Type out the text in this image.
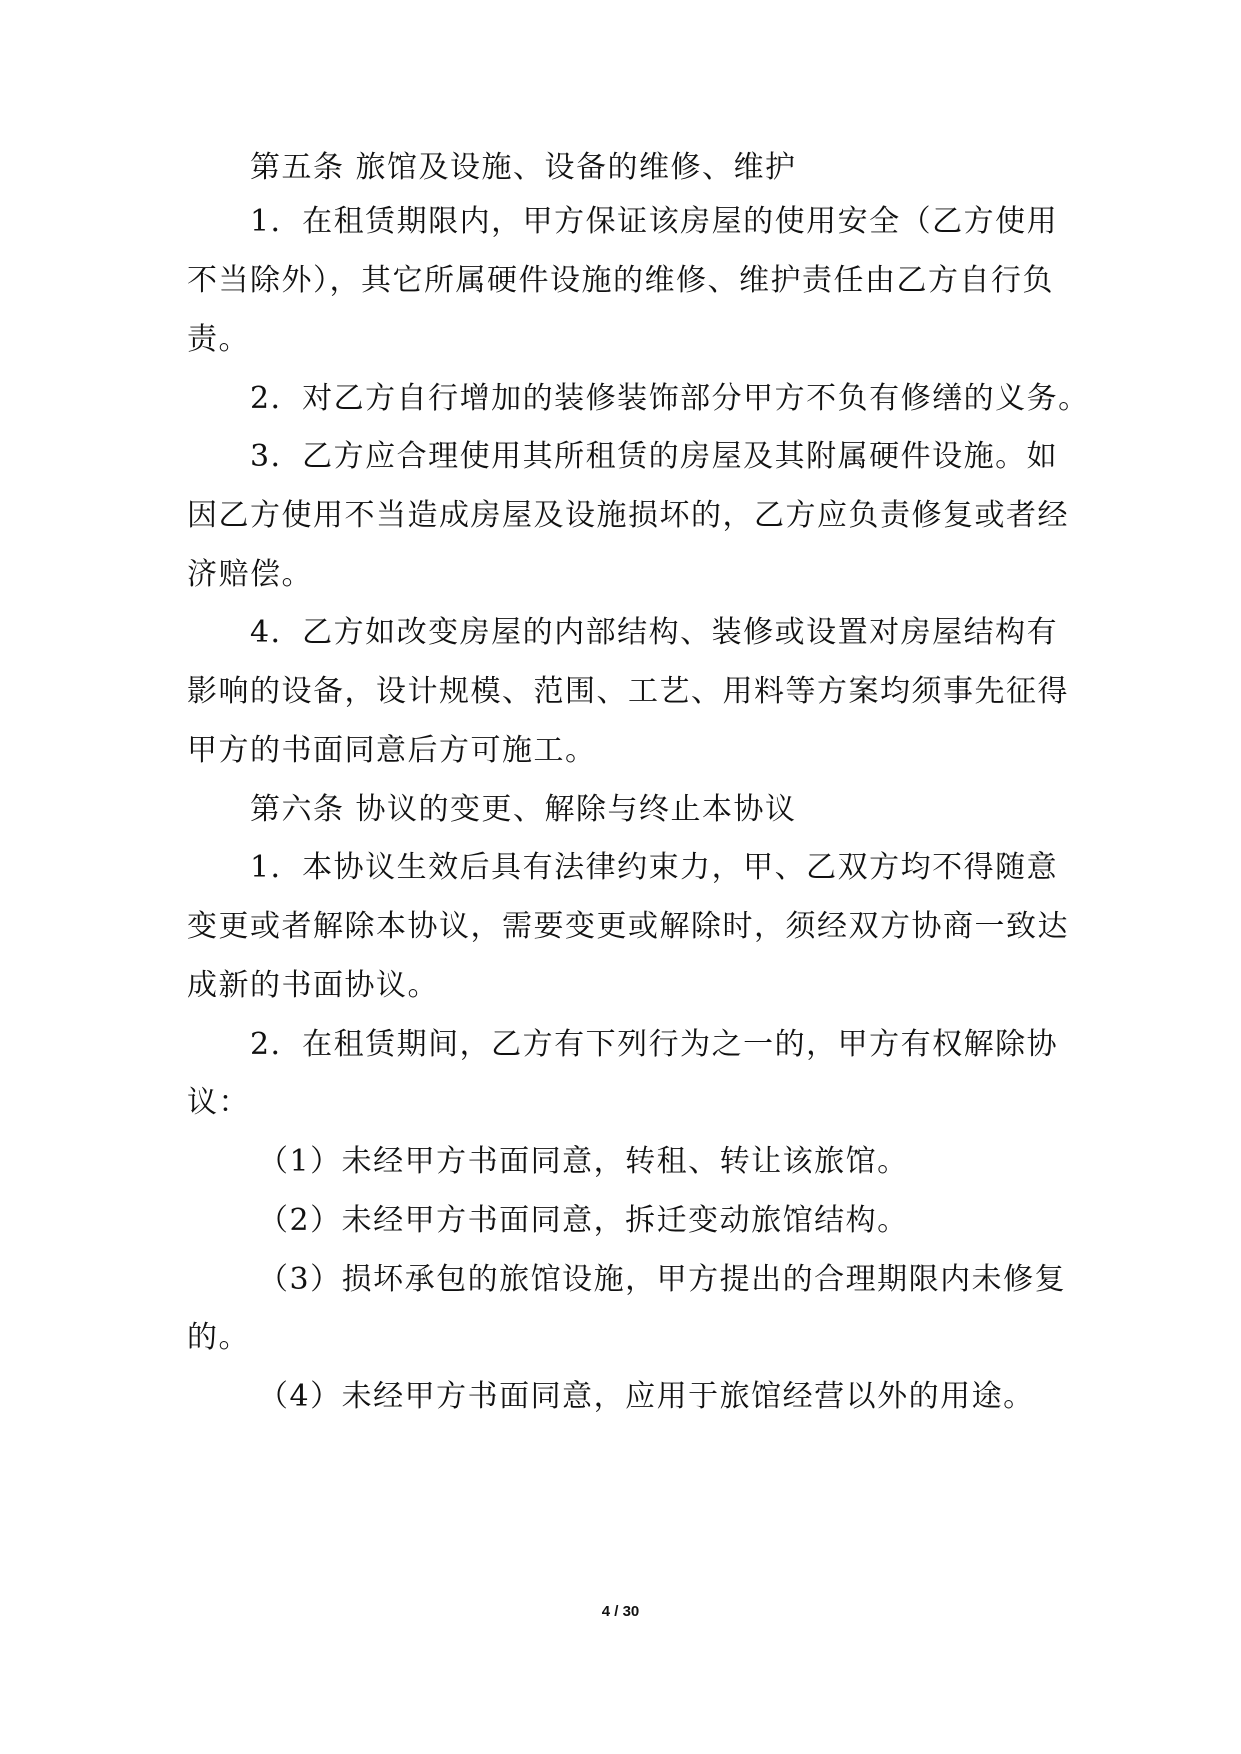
第五条 旅馆及设施、设备的维修、维护
1．在租赁期限内，甲方保证该房屋的使用安全（乙方使用
不当除外），其它所属硬件设施的维修、维护责任由乙方自行负
责。
2．对乙方自行增加的装修装饰部分甲方不负有修缮的义务。
3．乙方应合理使用其所租赁的房屋及其附属硬件设施。如
因乙方使用不当造成房屋及设施损坏的，乙方应负责修复或者经
济赔偿。
4．乙方如改变房屋的内部结构、装修或设置对房屋结构有
影响的设备，设计规模、范围、工艺、用料等方案均须事先征得
甲方的书面同意后方可施工。
第六条 协议的变更、解除与终止本协议
1．本协议生效后具有法律约束力，甲、乙双方均不得随意
变更或者解除本协议，需要变更或解除时，须经双方协商一致达
成新的书面协议。
2．在租赁期间，乙方有下列行为之一的，甲方有权解除协
议：
（1）未经甲方书面同意，转租、转让该旅馆。
（2）未经甲方书面同意，拆迁变动旅馆结构。
（3）损坏承包的旅馆设施，甲方提出的合理期限内未修复
的。
（4）未经甲方书面同意，应用于旅馆经营以外的用途。
4 / 30
